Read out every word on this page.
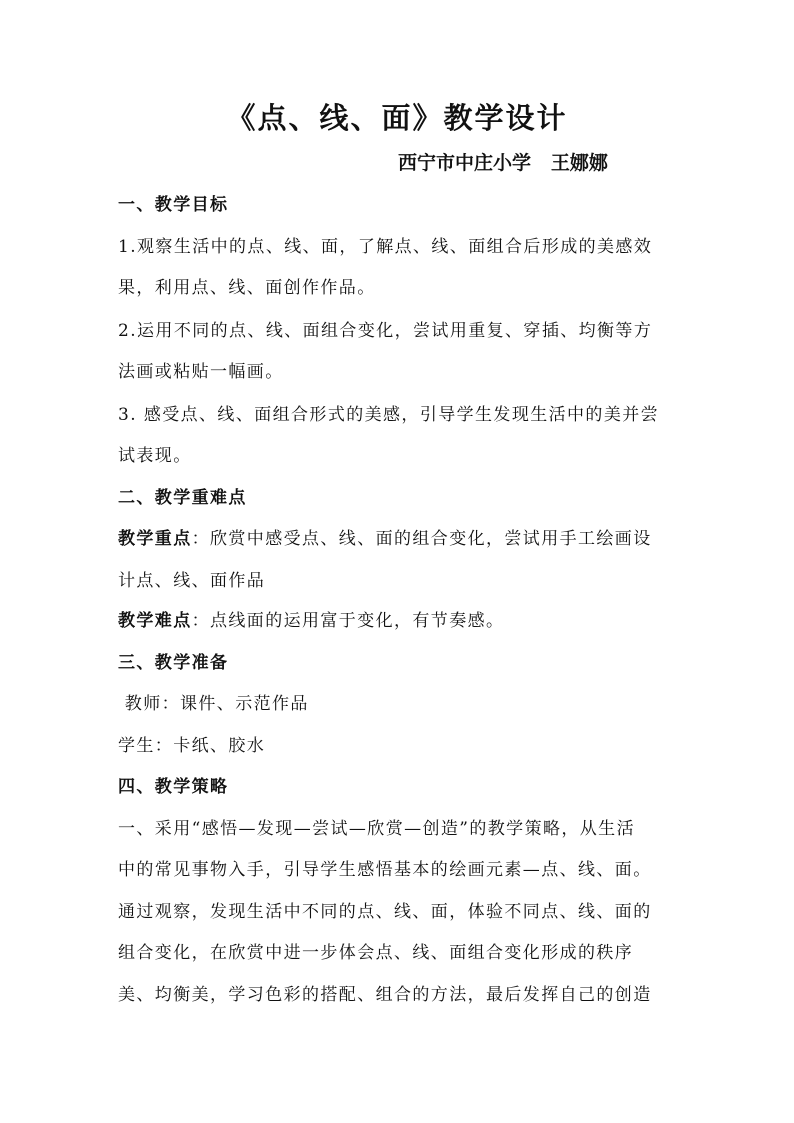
《点、线、面》教学设计
西宁市中庄小学   王娜娜
一、教学目标
1.观察生活中的点、线、面，了解点、线、面组合后形成的美感效
果，利用点、线、面创作作品。
2.运用不同的点、线、面组合变化，尝试用重复、穿插、均衡等方
法画或粘贴一幅画。
3. 感受点、线、面组合形式的美感，引导学生发现生活中的美并尝
试表现。
二、教学重难点
教学重点：欣赏中感受点、线、面的组合变化，尝试用手工绘画设
计点、线、面作品
教学难点：点线面的运用富于变化，有节奏感。
三、教学准备
教师：课件、示范作品
学生：卡纸、胶水
四、教学策略
一、采用“感悟—发现—尝试—欣赏—创造”的教学策略，从生活
中的常见事物入手，引导学生感悟基本的绘画元素—点、线、面。
通过观察，发现生活中不同的点、线、面，体验不同点、线、面的
组合变化，在欣赏中进一步体会点、线、面组合变化形成的秩序
美、均衡美，学习色彩的搭配、组合的方法，最后发挥自己的创造
